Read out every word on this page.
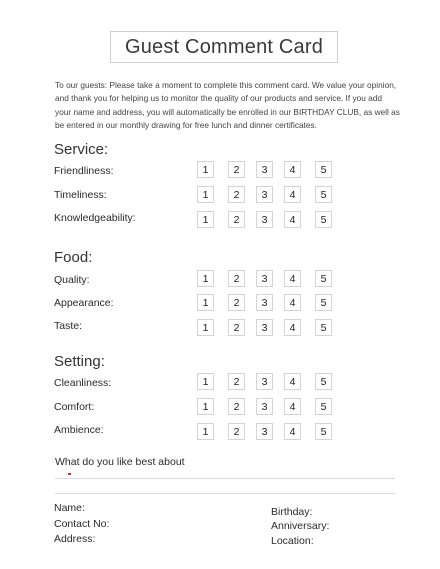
Guest Comment Card

To our guests: Please take a moment to complete this comment card. We value your opinion, and thank you for helping us to monitor the quality of our products and service. If you add your name and address, you will automatically be enrolled in our BIRTHDAY CLUB, as well as be entered in our monthly drawing for free lunch and dinner certificates.

Service:
Friendliness:	1	2	3	4	5
Timeliness:	1	2	3	4	5
Knowledgeability:	1	2	3	4	5
Food:
Quality:	1	2	3	4	5
Appearance:	1	2	3	4	5
Taste:	1	2	3	4	5
Setting:
Cleanliness:	1	2	3	4	5
Comfort:	1	2	3	4	5
Ambience:	1	2	3	4	5

What do you like best about

Name:
Contact No:
Address:
Birthday:
Anniversary:
Location:
